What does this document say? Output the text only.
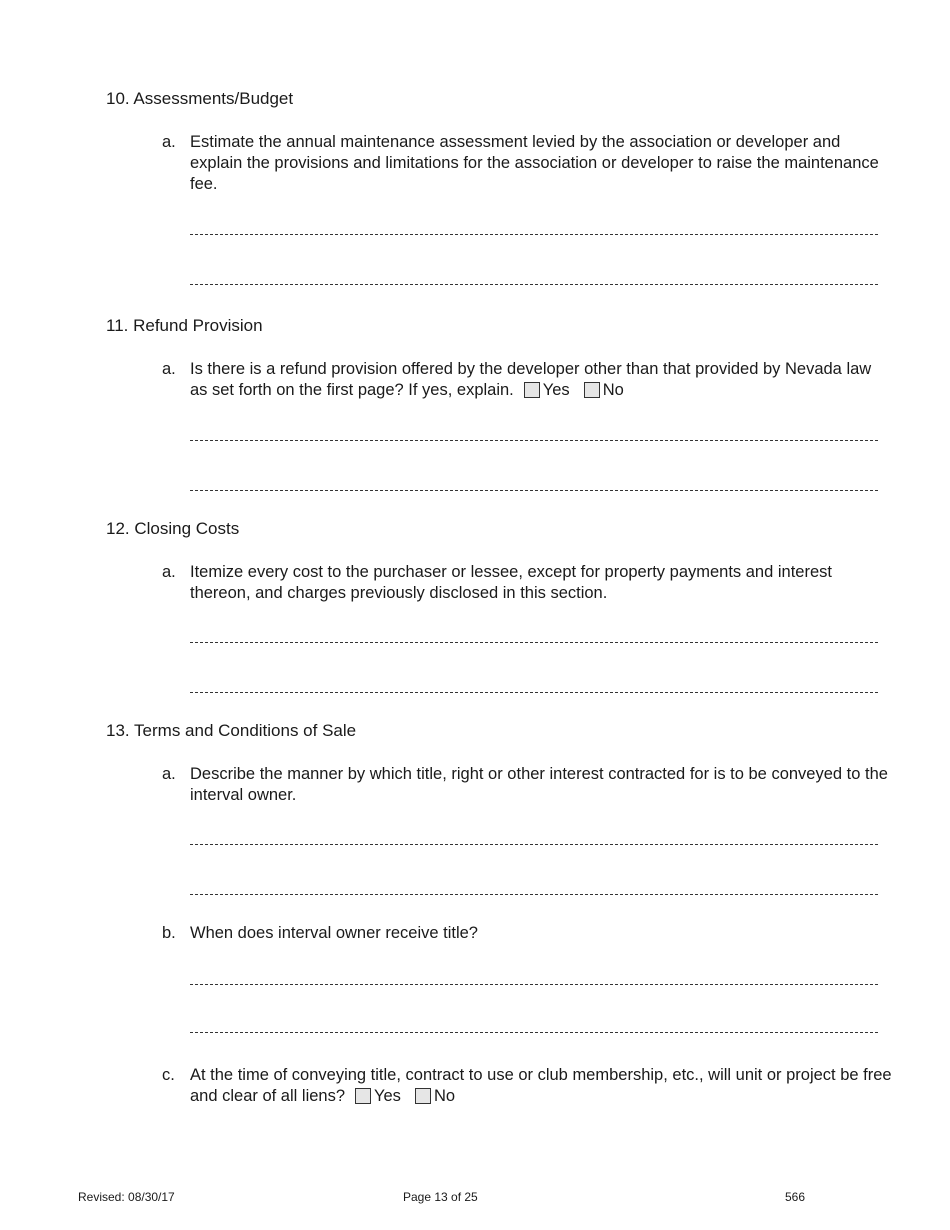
10. Assessments/Budget
a. Estimate the annual maintenance assessment levied by the association or developer and explain the provisions and limitations for the association or developer to raise the maintenance fee.
11. Refund Provision
a. Is there is a refund provision offered by the developer other than that provided by Nevada law as set forth on the first page? If yes, explain. Yes No
12. Closing Costs
a. Itemize every cost to the purchaser or lessee, except for property payments and interest thereon, and charges previously disclosed in this section.
13. Terms and Conditions of Sale
a. Describe the manner by which title, right or other interest contracted for is to be conveyed to the interval owner.
b. When does interval owner receive title?
c. At the time of conveying title, contract to use or club membership, etc., will unit or project be free and clear of all liens? Yes No
Revised: 08/30/17	Page 13 of 25	566
